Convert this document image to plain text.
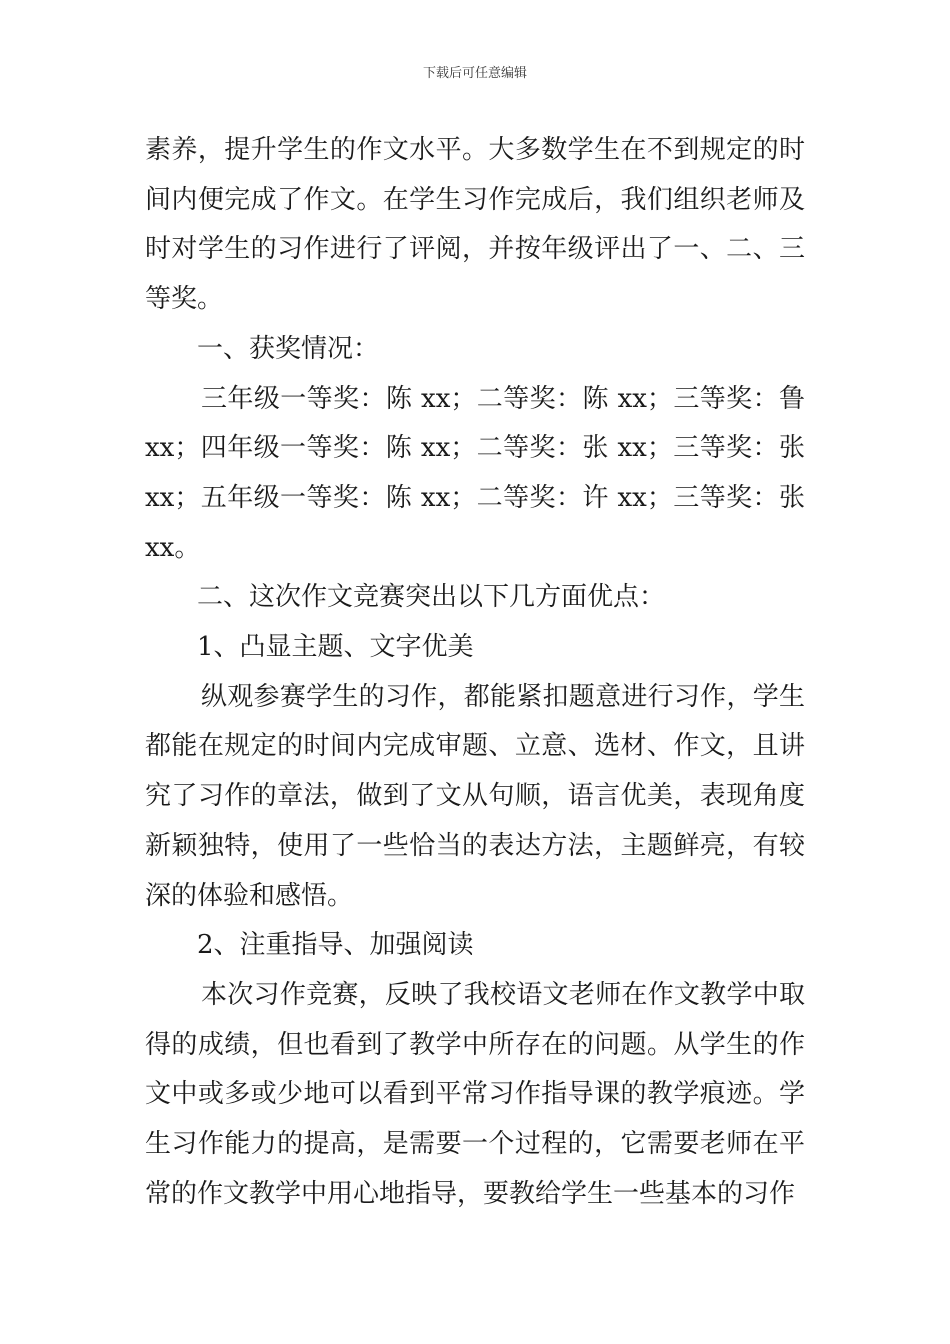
下载后可任意编辑

素养，提升学生的作文水平。大多数学生在不到规定的时间内便完成了作文。在学生习作完成后，我们组织老师及时对学生的习作进行了评阅，并按年级评出了一、二、三等奖。

一、获奖情况：

三年级一等奖：陈 xx；二等奖：陈 xx；三等奖：鲁 xx；四年级一等奖：陈 xx；二等奖：张 xx；三等奖：张 xx；五年级一等奖：陈 xx；二等奖：许 xx；三等奖：张 xx。

二、这次作文竞赛突出以下几方面优点：

1、凸显主题、文字优美

纵观参赛学生的习作，都能紧扣题意进行习作，学生都能在规定的时间内完成审题、立意、选材、作文，且讲究了习作的章法，做到了文从句顺，语言优美，表现角度新颖独特，使用了一些恰当的表达方法，主题鲜亮，有较深的体验和感悟。

2、注重指导、加强阅读

本次习作竞赛，反映了我校语文老师在作文教学中取得的成绩，但也看到了教学中所存在的问题。从学生的作文中或多或少地可以看到平常习作指导课的教学痕迹。学生习作能力的提高，是需要一个过程的，它需要老师在平常的作文教学中用心地指导，要教给学生一些基本的习作
